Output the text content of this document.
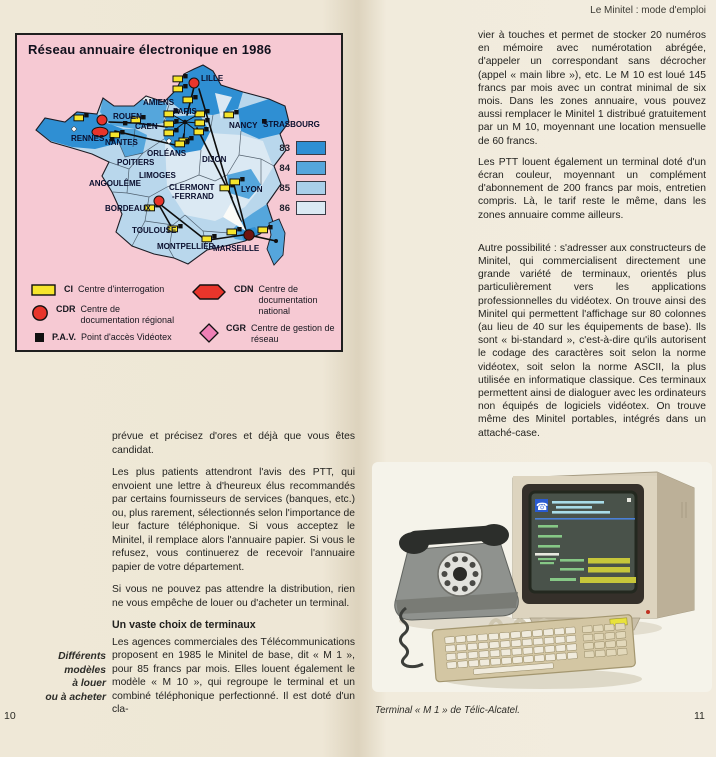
LILLE
AMIENS
ROUEN
PARIS
CAEN	NANCY STRASBOURG
RENNES NANTES
ORLÉANS
POITIERS	DIJON
LIMOGES
ANGOULÊME	CLERMONT
-FERRAND
LYON
BORDEAUX
TOULOUSE
MONTPELLIER
MARSEILLE
Réseau annuaire électronique en 1986
83
84
85
86
CI Centre d'interrogation
CDR Centre de documentation régional
P.A.V. Point d'accès Vidéotex
CDN Centre de documentation national
CGR Centre de gestion de réseau
Différents
modèles
à louer
ou à acheter

prévue et précisez d'ores et déjà que vous êtes candidat.

Les plus patients attendront l'avis des PTT, qui envoient une lettre à d'heureux élus recommandés par certains fournisseurs de services (banques, etc.) ou, plus rarement, sélectionnés selon l'importance de leur facture téléphonique. Si vous acceptez le Minitel, il remplace alors l'annuaire papier. Si vous le refusez, vous continuerez de recevoir l'annuaire papier de votre département.

Si vous ne pouvez pas attendre la distribution, rien ne vous empêche de louer ou d'acheter un terminal.

Un vaste choix de terminaux

Les agences commerciales des Télécommunications proposent en 1985 le Minitel de base, dit « M 1 », pour 85 francs par mois. Elles louent également le modèle « M 10 », qui regroupe le terminal et un combiné téléphonique perfectionné. Il est doté d'un cla-

10
Le Minitel : mode d'emploi

vier à touches et permet de stocker 20 numéros en mémoire avec numérotation abrégée, d'appeler un correspondant sans décrocher (appel « main libre »), etc. Le M 10 est loué 145 francs par mois avec un contrat minimal de six mois. Dans les zones annuaire, vous pouvez aussi remplacer le Minitel 1 distribué gratuitement par un M 10, moyennant une location mensuelle de 60 francs.

Les PTT louent également un terminal doté d'un écran couleur, moyennant un complément d'abonnement de 200 francs par mois, entretien compris. Là, le tarif reste le même, dans les zones annuaire comme ailleurs.

Autre possibilité : s'adresser aux constructeurs de Minitel, qui commercialisent directement une grande variété de terminaux, orientés plus particulièrement vers les applications professionnelles du vidéotex. On trouve ainsi des Minitel qui permettent l'affichage sur 80 colonnes (au lieu de 40 sur les équipements de base). Ils sont « bi-standard », c'est-à-dire qu'ils autorisent le codage des caractères soit selon la norme vidéotex, soit selon la norme ASCII, la plus utilisée en informatique classique. Ces terminaux permettent ainsi de dialoguer avec les ordinateurs non équipés de logiciels vidéotex. On trouve même des Minitel portables, intégrés dans un attaché-case.

☎
Terminal « M 1 » de Télic-Alcatel.	11
